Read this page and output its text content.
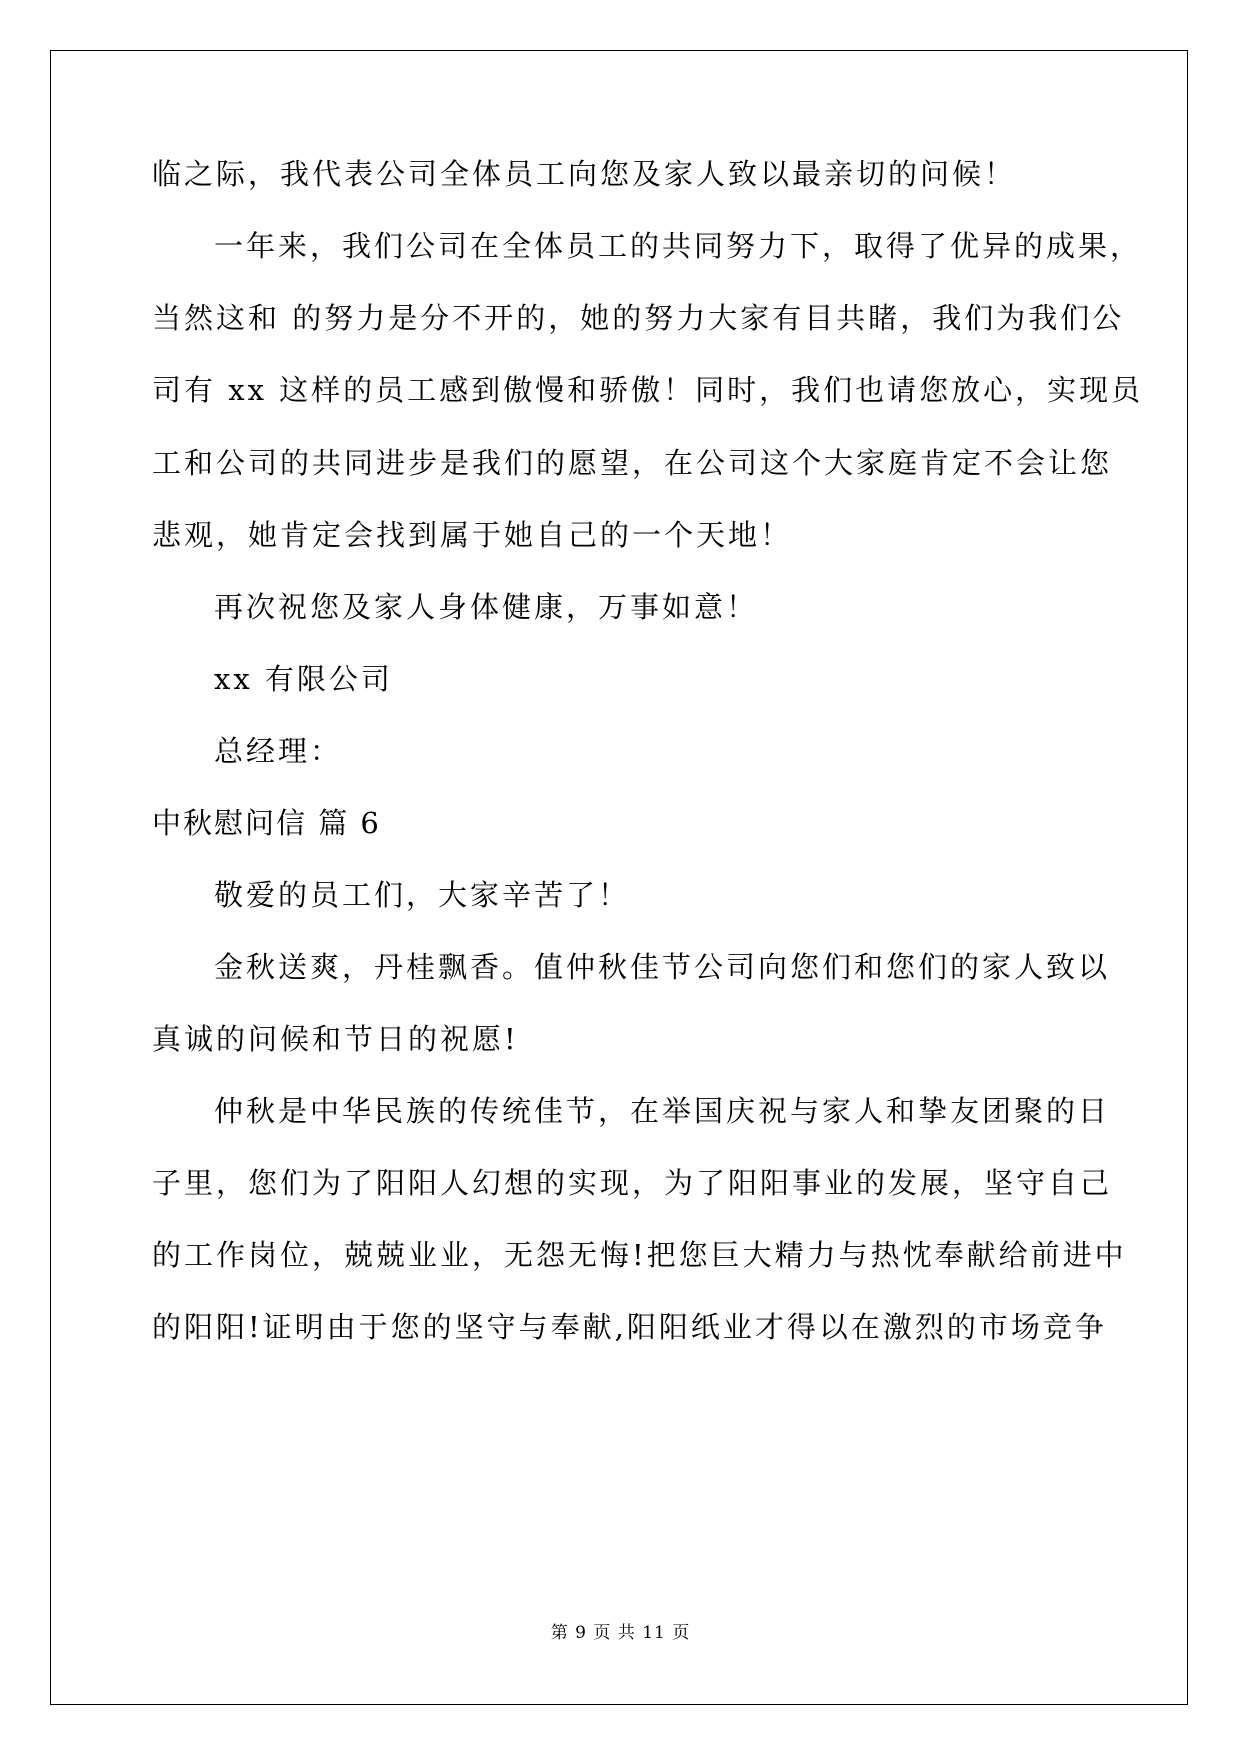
临之际，我代表公司全体员工向您及家人致以最亲切的问候！
一年来，我们公司在全体员工的共同努力下，取得了优异的成果，
当然这和 的努力是分不开的，她的努力大家有目共睹，我们为我们公
司有 xx 这样的员工感到傲慢和骄傲！同时，我们也请您放心，实现员
工和公司的共同进步是我们的愿望，在公司这个大家庭肯定不会让您
悲观，她肯定会找到属于她自己的一个天地！
再次祝您及家人身体健康，万事如意！
xx 有限公司
总经理：
中秋慰问信 篇 6
敬爱的员工们，大家辛苦了！
金秋送爽，丹桂飘香。值仲秋佳节公司向您们和您们的家人致以
真诚的问候和节日的祝愿!
仲秋是中华民族的传统佳节，在举国庆祝与家人和挚友团聚的日
子里，您们为了阳阳人幻想的实现，为了阳阳事业的发展，坚守自己
的工作岗位，兢兢业业，无怨无悔!把您巨大精力与热忱奉献给前进中
的阳阳!证明由于您的坚守与奉献,阳阳纸业才得以在激烈的市场竞争
第 9 页 共 11 页
